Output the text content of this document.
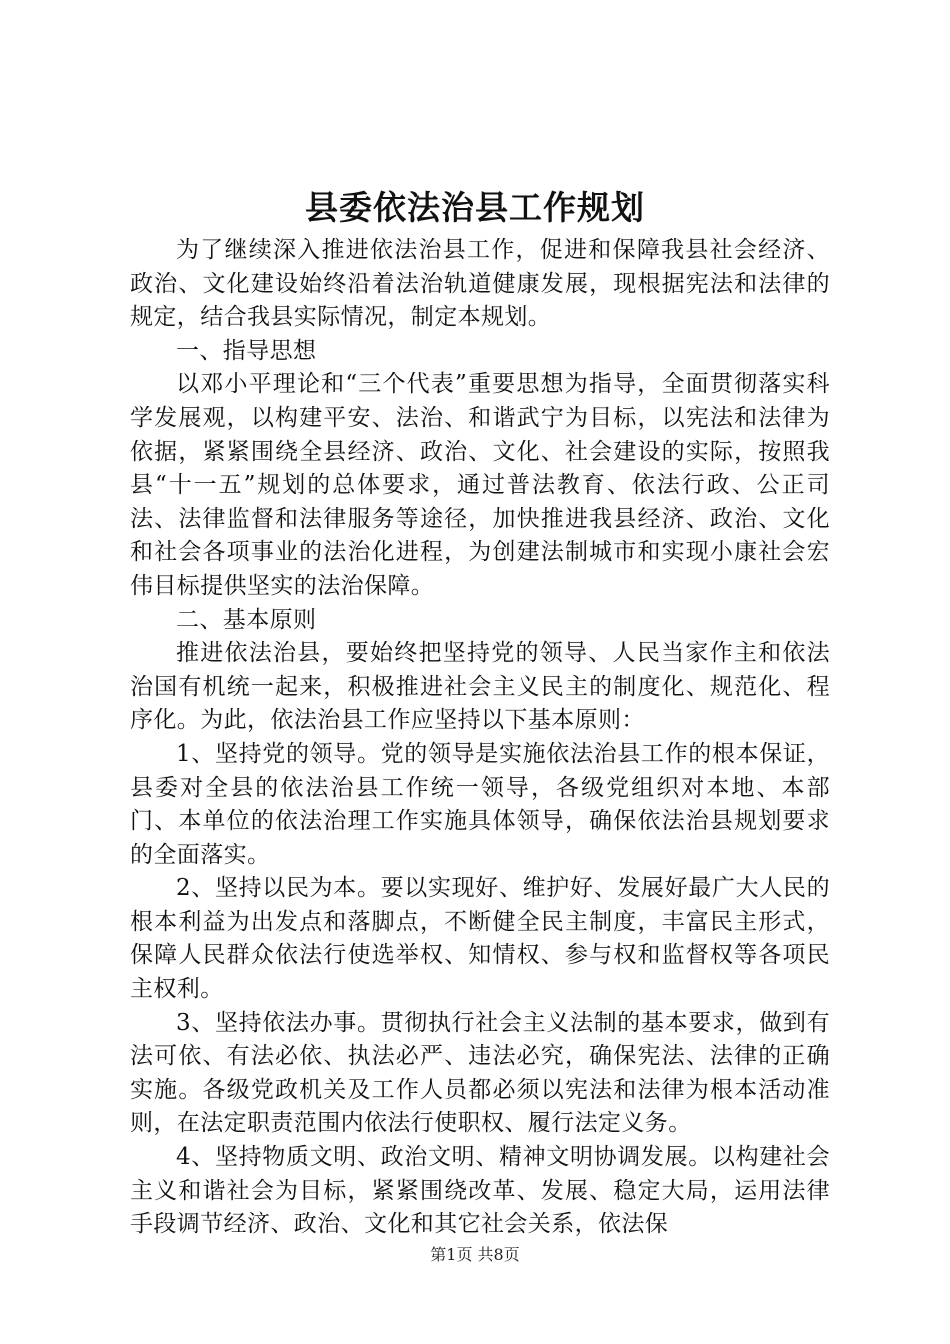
县委依法治县工作规划

为了继续深入推进依法治县工作，促进和保障我县社会经济、政治、文化建设始终沿着法治轨道健康发展，现根据宪法和法律的规定，结合我县实际情况，制定本规划。

一、指导思想

以邓小平理论和“三个代表”重要思想为指导，全面贯彻落实科学发展观，以构建平安、法治、和谐武宁为目标，以宪法和法律为依据，紧紧围绕全县经济、政治、文化、社会建设的实际，按照我县“十一五”规划的总体要求，通过普法教育、依法行政、公正司法、法律监督和法律服务等途径，加快推进我县经济、政治、文化和社会各项事业的法治化进程，为创建法制城市和实现小康社会宏伟目标提供坚实的法治保障。

二、基本原则

推进依法治县，要始终把坚持党的领导、人民当家作主和依法治国有机统一起来，积极推进社会主义民主的制度化、规范化、程序化。为此，依法治县工作应坚持以下基本原则：

1、坚持党的领导。党的领导是实施依法治县工作的根本保证，县委对全县的依法治县工作统一领导，各级党组织对本地、本部门、本单位的依法治理工作实施具体领导，确保依法治县规划要求的全面落实。

2、坚持以民为本。要以实现好、维护好、发展好最广大人民的根本利益为出发点和落脚点，不断健全民主制度，丰富民主形式，保障人民群众依法行使选举权、知情权、参与权和监督权等各项民主权利。

3、坚持依法办事。贯彻执行社会主义法制的基本要求，做到有法可依、有法必依、执法必严、违法必究，确保宪法、法律的正确实施。各级党政机关及工作人员都必须以宪法和法律为根本活动准则，在法定职责范围内依法行使职权、履行法定义务。

4、坚持物质文明、政治文明、精神文明协调发展。以构建社会主义和谐社会为目标，紧紧围绕改革、发展、稳定大局，运用法律手段调节经济、政治、文化和其它社会关系，依法保

第1页 共8页
